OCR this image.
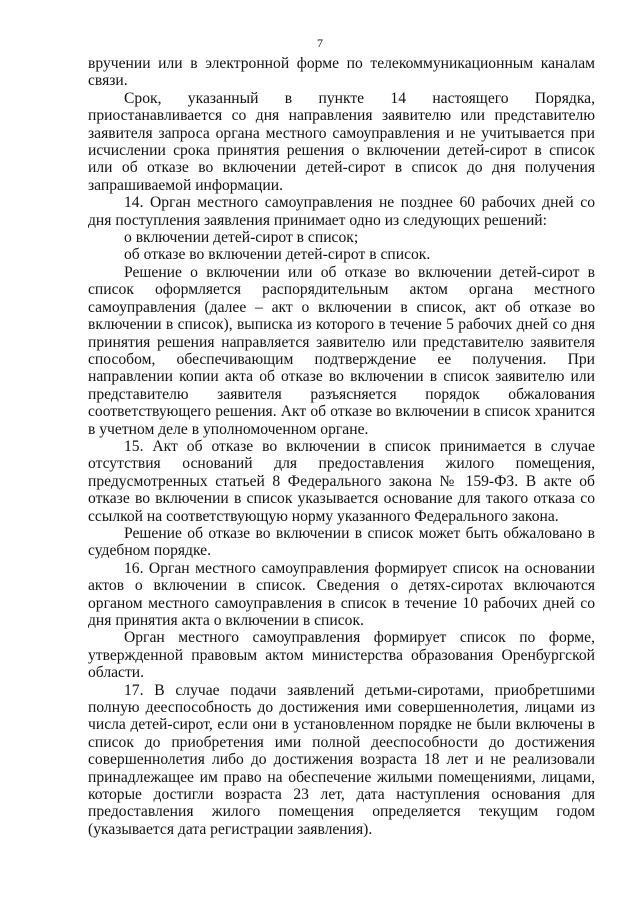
7

вручении или в электронной форме по телекоммуникационным каналам связи.

Срок, указанный в пункте 14 настоящего Порядка, приостанавливается со дня направления заявителю или представителю заявителя запроса органа местного самоуправления и не учитывается при исчислении срока принятия решения о включении детей-сирот в список или об отказе во включении детей-сирот в список до дня получения запрашиваемой информации.

14. Орган местного самоуправления не позднее 60 рабочих дней со дня поступления заявления принимает одно из следующих решений:

о включении детей-сирот в список;

об отказе во включении детей-сирот в список.

Решение о включении или об отказе во включении детей-сирот в список оформляется распорядительным актом органа местного самоуправления (далее – акт о включении в список, акт об отказе во включении в список), выписка из которого в течение 5 рабочих дней со дня принятия решения направляется заявителю или представителю заявителя способом, обеспечивающим подтверждение ее получения. При направлении копии акта об отказе во включении в список заявителю или представителю заявителя разъясняется порядок обжалования соответствующего решения. Акт об отказе во включении в список хранится в учетном деле в уполномоченном органе.

15. Акт об отказе во включении в список принимается в случае отсутствия оснований для предоставления жилого помещения, предусмотренных статьей 8 Федерального закона № 159-ФЗ. В акте об отказе во включении в список указывается основание для такого отказа со ссылкой на соответствующую норму указанного Федерального закона.

Решение об отказе во включении в список может быть обжаловано в судебном порядке.

16. Орган местного самоуправления формирует список на основании актов о включении в список. Сведения о детях-сиротах включаются органом местного самоуправления в список в течение 10 рабочих дней со дня принятия акта о включении в список.

Орган местного самоуправления формирует список по форме, утвержденной правовым актом министерства образования Оренбургской области.

17. В случае подачи заявлений детьми-сиротами, приобретшими полную дееспособность до достижения ими совершеннолетия, лицами из числа детей-сирот, если они в установленном порядке не были включены в список до приобретения ими полной дееспособности до достижения совершеннолетия либо до достижения возраста 18 лет и не реализовали принадлежащее им право на обеспечение жилыми помещениями, лицами, которые достигли возраста 23 лет, дата наступления основания для предоставления жилого помещения определяется текущим годом (указывается дата регистрации заявления).
